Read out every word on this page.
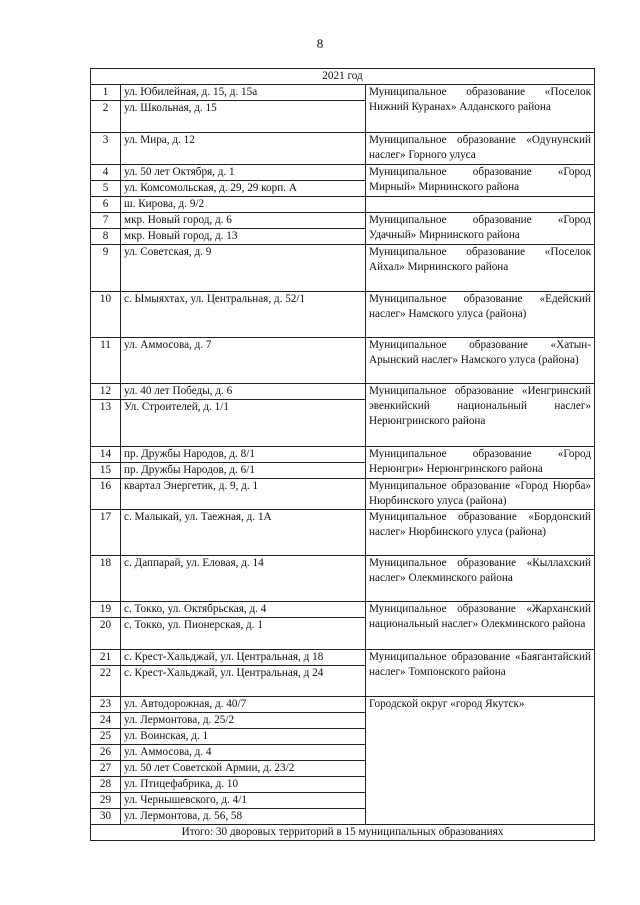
8
2021 год		
1	ул. Юбилейная, д. 15, д. 15а	Муниципальное образование «Поселок Нижний Куранах» Алданского района
2	ул. Школьная, д. 15	
3	ул. Мира, д. 12	Муниципальное образование «Одунунский наслег» Горного улуса
4	ул. 50 лет Октября, д. 1	Муниципальное образование «Город Мирный» Мирнинского района
5	ул. Комсомольская, д. 29, 29 корп. А	
6	ш. Кирова, д. 9/2	
7	мкр. Новый город, д. 6	Муниципальное образование «Город Удачный» Мирнинского района
8	мкр. Новый город, д. 13	
9	ул. Советская, д. 9	Муниципальное образование «Поселок Айхал» Мирнинского района
10	с. Ымыяхтах, ул. Центральная, д. 52/1	Муниципальное образование «Едейский наслег» Намского улуса (района)
11	ул. Аммосова, д. 7	Муниципальное образование «Хатын-Арынский наслег» Намского улуса (района)
12	ул. 40 лет Победы, д. 6	Муниципальное образование «Иенгринский эвенкийский национальный наслег» Нерюнгринского района
13	Ул. Строителей, д. 1/1	
14	пр. Дружбы Народов, д. 8/1	Муниципальное образование «Город Нерюнгри» Нерюнгринского района
15	пр. Дружбы Народов, д. 6/1	
16	квартал Энергетик, д. 9, д. 1	Муниципальное образование «Город Нюрба» Нюрбинского улуса (района)
17	с. Малыкай, ул. Таежная, д. 1А	Муниципальное образование «Бордонский наслег» Нюрбинского улуса (района)
18	с. Даппарай, ул. Еловая, д. 14	Муниципальное образование «Кыллахский наслег» Олекминского района
19	с. Токко, ул. Октябрьская, д. 4	Муниципальное образование «Жарханский национальный наслег» Олекминского района
20	с. Токко, ул. Пионерская, д. 1	
21	с. Крест-Хальджай, ул. Центральная, д 18	Муниципальное образование «Баягантайский наслег» Томпонского района
22	с. Крест-Хальджай, ул. Центральная, д 24	
23	ул. Автодорожная, д. 40/7	Городской округ «город Якутск»
24	ул. Лермонтова, д. 25/2	
25	ул. Воинская, д. 1	
26	ул. Аммосова, д. 4	
27	ул. 50 лет Советской Армии, д. 23/2	
28	ул. Птицефабрика, д. 10	
29	ул. Чернышевского, д. 4/1	
30	ул. Лермонтова, д. 56, 58	
Итого: 30 дворовых территорий в 15 муниципальных образованиях		
